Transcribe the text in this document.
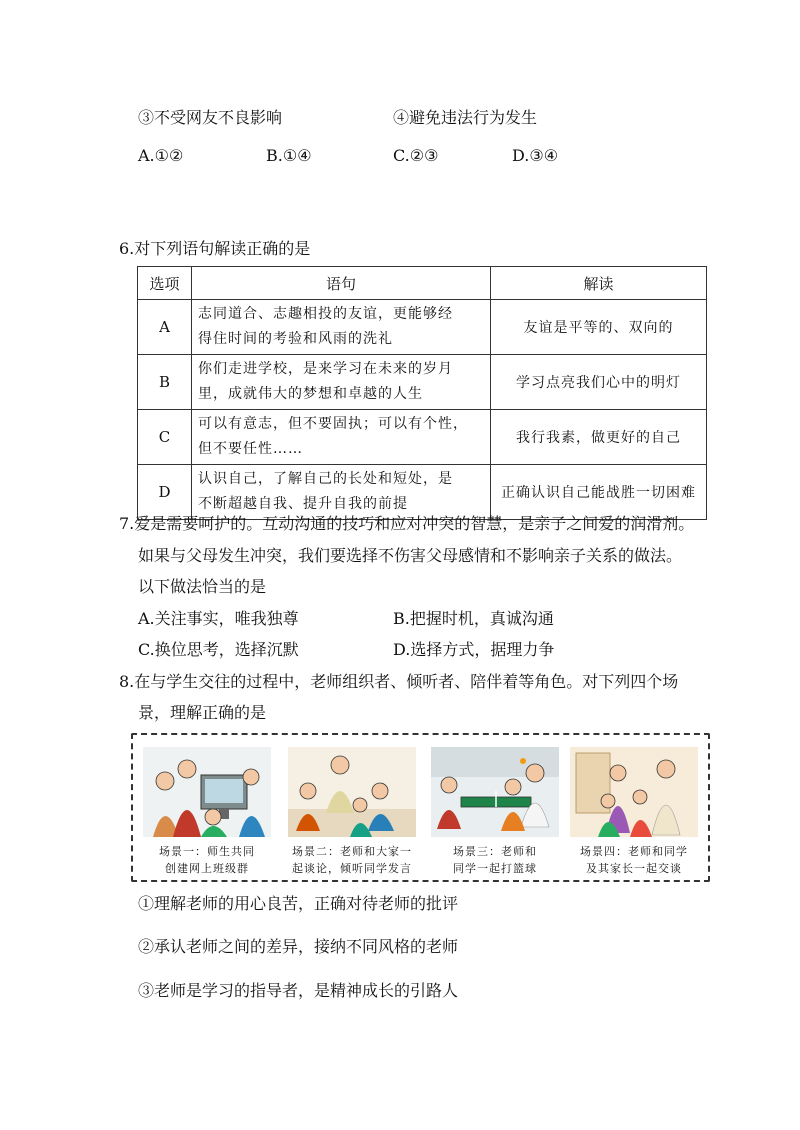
③不受网友不良影响	④避免违法行为发生
A.①②	B.①④	C.②③	D.③④
6.对下列语句解读正确的是
选项	语句	解读
A	志同道合、志趣相投的友谊，更能够经
得住时间的考验和风雨的洗礼	友谊是平等的、双向的
B	你们走进学校，是来学习在未来的岁月
里，成就伟大的梦想和卓越的人生	学习点亮我们心中的明灯
C	可以有意志，但不要固执；可以有个性，
但不要任性……	我行我素，做更好的自己
D	认识自己，了解自己的长处和短处，是
不断超越自我、提升自我的前提	正确认识自己能战胜一切困难
7.爱是需要呵护的。互动沟通的技巧和应对冲突的智慧，是亲子之间爱的润滑剂。
如果与父母发生冲突，我们要选择不伤害父母感情和不影响亲子关系的做法。
以下做法恰当的是
A.关注事实，唯我独尊	B.把握时机，真诚沟通
C.换位思考，选择沉默	D.选择方式，据理力争
8.在与学生交往的过程中，老师组织者、倾听者、陪伴着等角色。对下列四个场
景，理解正确的是
场景一：师生共同
创建网上班级群
场景二：老师和大家一
起谈论，倾听同学发言
场景三：老师和
同学一起打篮球
场景四：老师和同学
及其家长一起交谈
①理解老师的用心良苦，正确对待老师的批评
②承认老师之间的差异，接纳不同风格的老师
③老师是学习的指导者，是精神成长的引路人
